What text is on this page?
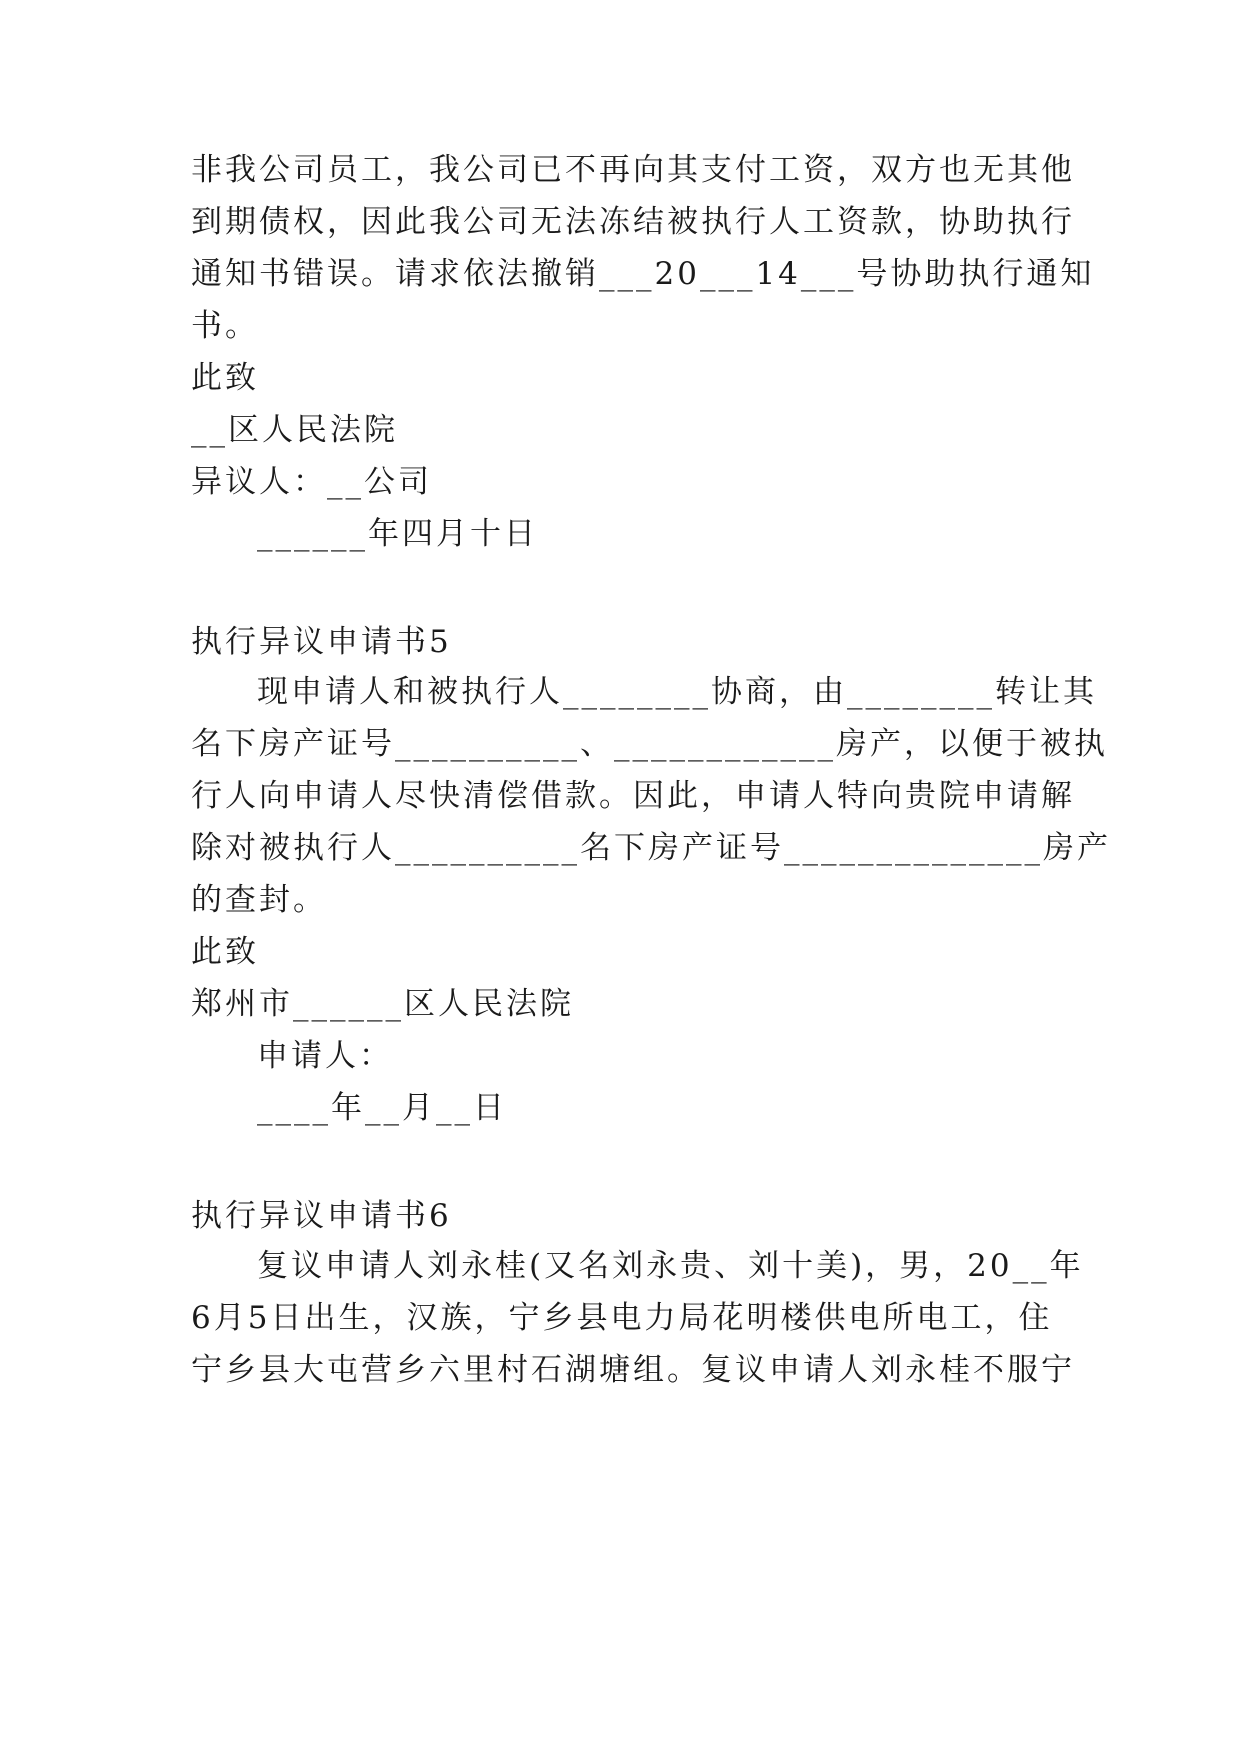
非我公司员工，我公司已不再向其支付工资，双方也无其他
到期债权，因此我公司无法冻结被执行人工资款，协助执行
通知书错误。请求依法撤销___20___14___号协助执行通知
书。
此致
__区人民法院
异议人：__公司
______年四月十日
执行异议申请书5
现申请人和被执行人________协商，由________转让其
名下房产证号__________、____________房产，以便于被执
行人向申请人尽快清偿借款。因此，申请人特向贵院申请解
除对被执行人__________名下房产证号______________房产
的查封。
此致
郑州市______区人民法院
申请人：
____年__月__日
执行异议申请书6
复议申请人刘永桂(又名刘永贵、刘十美)，男，20__年
6月5日出生，汉族，宁乡县电力局花明楼供电所电工，住
宁乡县大屯营乡六里村石湖塘组。复议申请人刘永桂不服宁
